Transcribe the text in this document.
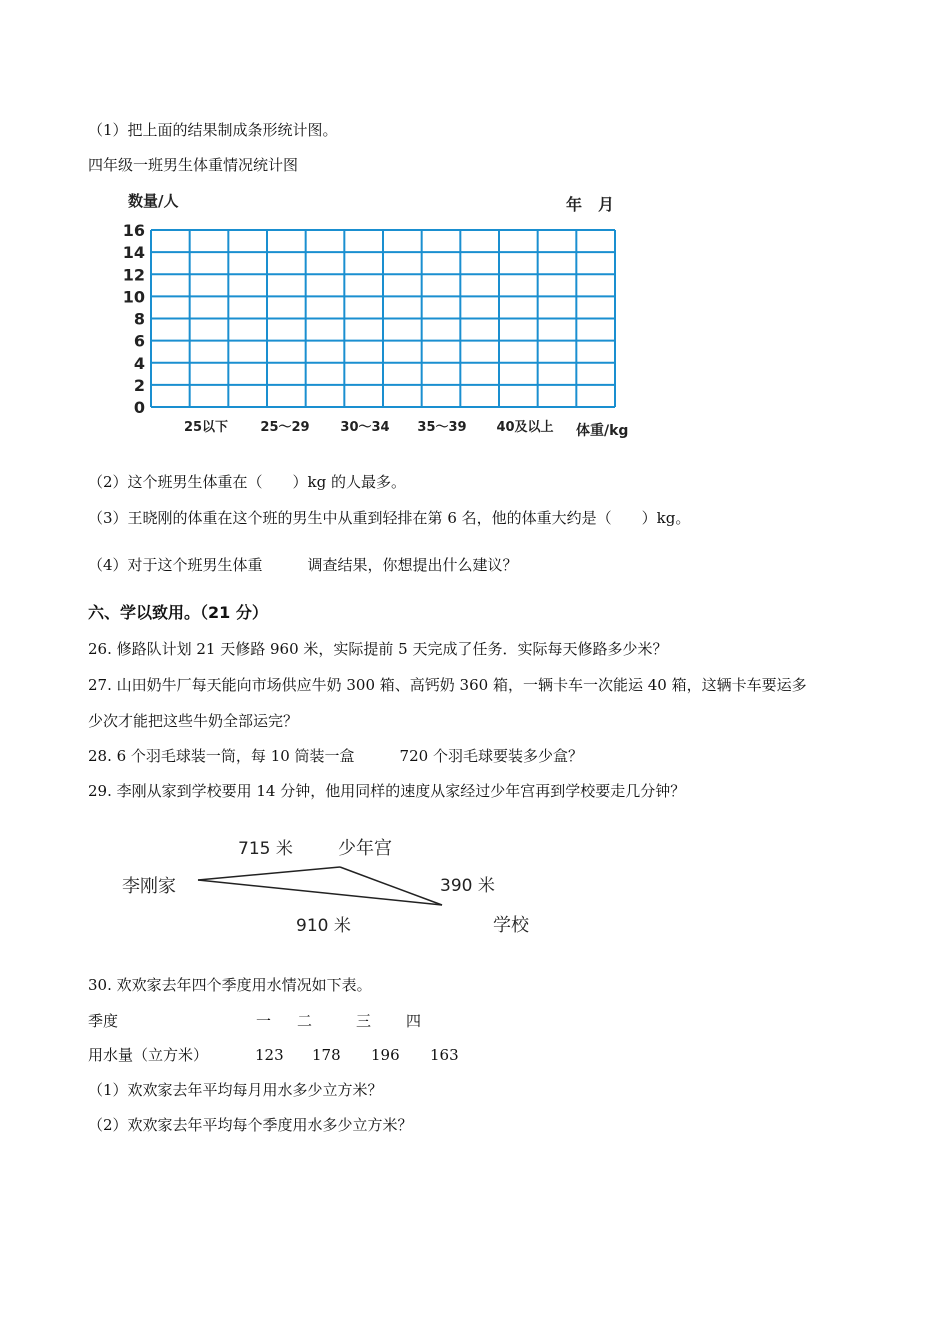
（1）把上面的结果制成条形统计图。
四年级一班男生体重情况统计图
数量/人	年　月
0
2
4
6
8
10
12
14
16
25以下 25～29 30～34 35～39 40及以上 体重/kg
（2）这个班男生体重在（　　）kg 的人最多。
（3）王晓刚的体重在这个班的男生中从重到轻排在第 6 名，他的体重大约是（　　）kg。
（4）对于这个班男生体重　　　调查结果，你想提出什么建议？
六、学以致用。（21 分）
26. 修路队计划 21 天修路 960 米，实际提前 5 天完成了任务．实际每天修路多少米？
27. 山田奶牛厂每天能向市场供应牛奶 300 箱、高钙奶 360 箱，一辆卡车一次能运 40 箱，这辆卡车要运多
少次才能把这些牛奶全部运完？
28. 6 个羽毛球装一筒，每 10 筒装一盒　　　720 个羽毛球要装多少盒？
29. 李刚从家到学校要用 14 分钟，他用同样的速度从家经过少年宫再到学校要走几分钟？
李刚家
少年宫
学校
715 米
390 米
910 米
30. 欢欢家去年四个季度用水情况如下表。
季度	一 二	三 四
用水量（立方米）	123 178 196 163
（1）欢欢家去年平均每月用水多少立方米？
（2）欢欢家去年平均每个季度用水多少立方米？
